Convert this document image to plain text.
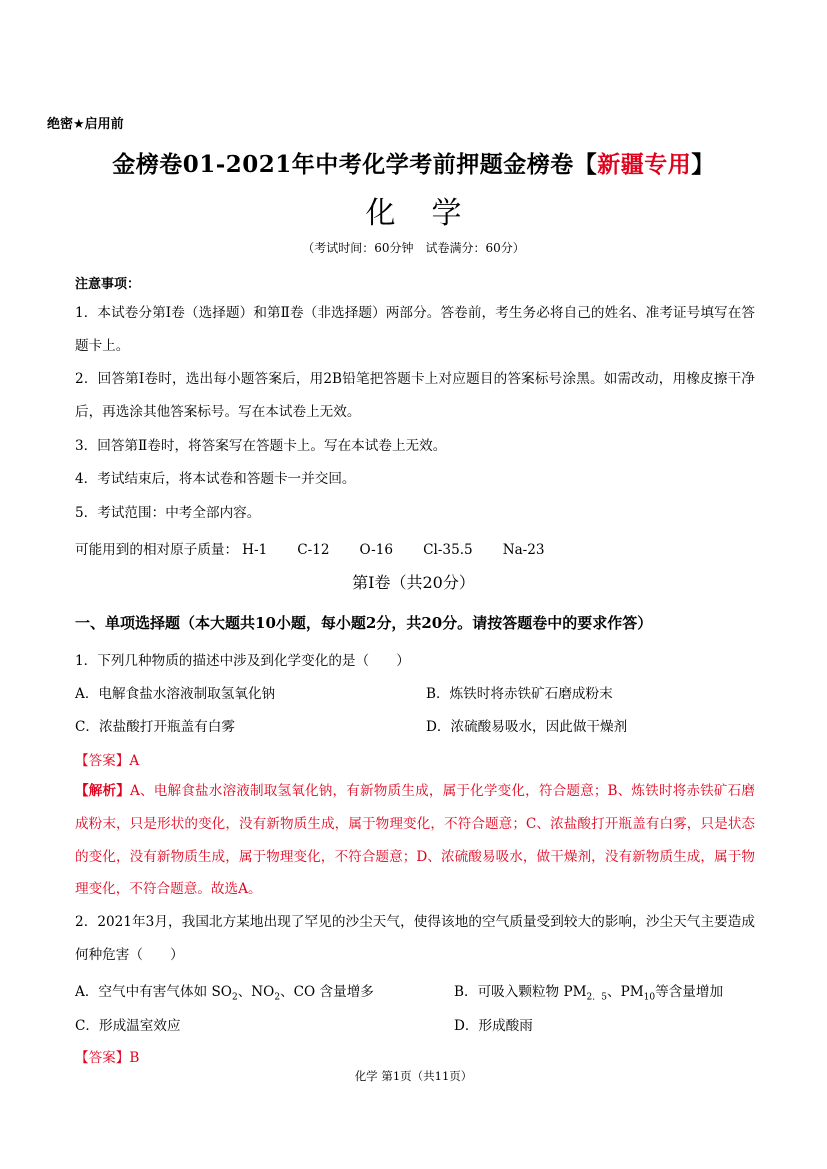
绝密★启用前
金榜卷01-2021年中考化学考前押题金榜卷【新疆专用】
化学
（考试时间：60分钟　试卷满分：60分）
注意事项：
1．本试卷分第Ⅰ卷（选择题）和第Ⅱ卷（非选择题）两部分。答卷前，考生务必将自己的姓名、准考证号填写在答题卡上。
2．回答第Ⅰ卷时，选出每小题答案后，用2B铅笔把答题卡上对应题目的答案标号涂黑。如需改动，用橡皮擦干净后，再选涂其他答案标号。写在本试卷上无效。
3．回答第Ⅱ卷时，将答案写在答题卡上。写在本试卷上无效。
4．考试结束后，将本试卷和答题卡一并交回。
5．考试范围：中考全部内容。
可能用到的相对原子质量： H-1 C-12 O-16 Cl-35.5 Na-23
第Ⅰ卷（共20分）
一、单项选择题（本大题共10小题，每小题2分，共20分。请按答题卷中的要求作答）
1．下列几种物质的描述中涉及到化学变化的是（　　）
A．电解食盐水溶液制取氢氧化钠	B．炼铁时将赤铁矿石磨成粉末
C．浓盐酸打开瓶盖有白雾	D．浓硫酸易吸水，因此做干燥剂
【答案】A
【解析】A、电解食盐水溶液制取氢氧化钠，有新物质生成，属于化学变化，符合题意；B、炼铁时将赤铁矿石磨成粉末，只是形状的变化，没有新物质生成，属于物理变化，不符合题意；C、浓盐酸打开瓶盖有白雾，只是状态的变化，没有新物质生成，属于物理变化，不符合题意；D、浓硫酸易吸水，做干燥剂，没有新物质生成，属于物理变化，不符合题意。故选A。
2．2021年3月，我国北方某地出现了罕见的沙尘天气，使得该地的空气质量受到较大的影响，沙尘天气主要造成何种危害（　　）
A．空气中有害气体如 $SO_2$、$NO_2$、CO 含量增多	B．可吸入颗粒物 $PM_{2.5}$、$PM_{10}$等含量增加
C．形成温室效应	D．形成酸雨
【答案】B
化学 第1页（共11页）
